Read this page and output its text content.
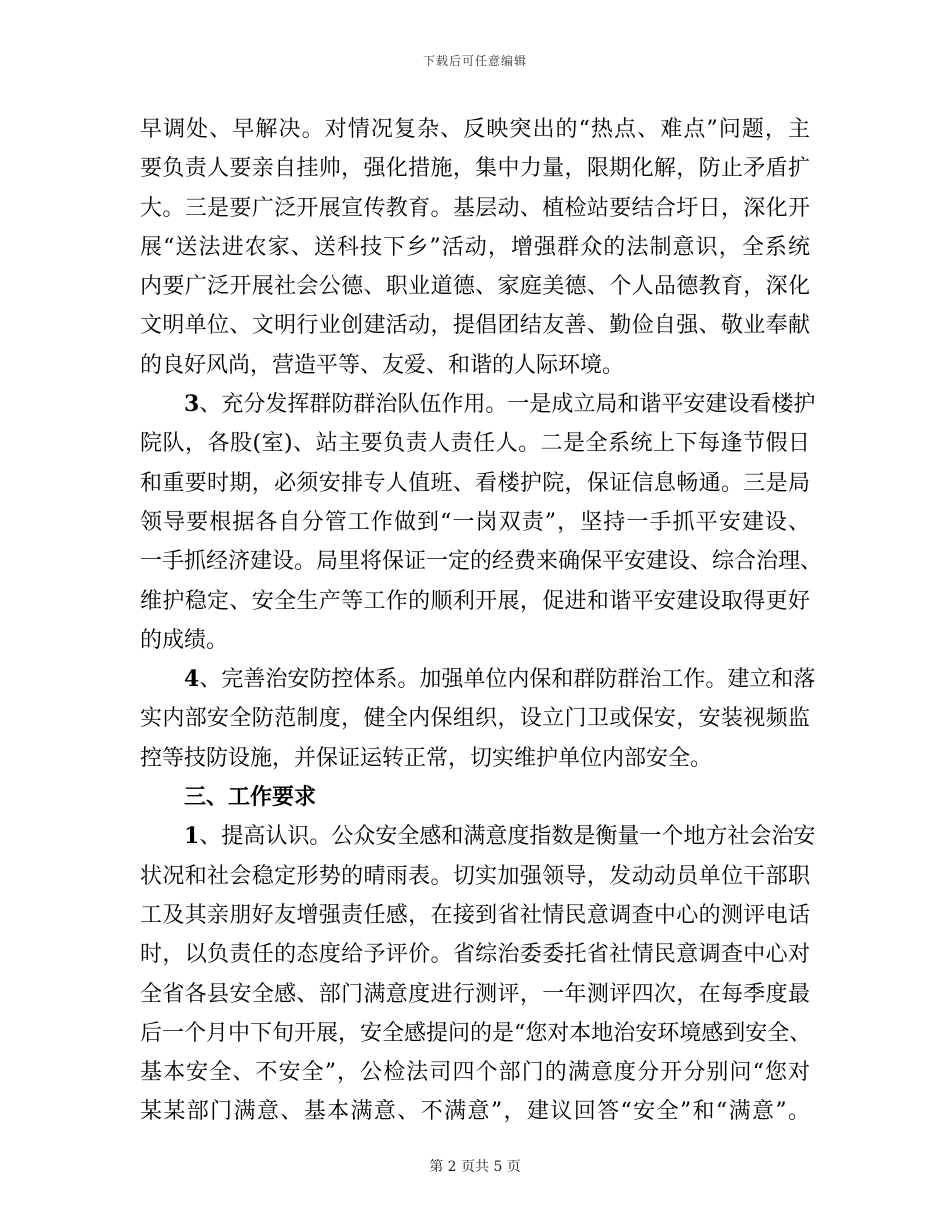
下载后可任意编辑
早调处、早解决。对情况复杂、反映突出的“热点、难点”问题，主
要负责人要亲自挂帅，强化措施，集中力量，限期化解，防止矛盾扩
大。三是要广泛开展宣传教育。基层动、植检站要结合圩日，深化开
展“送法进农家、送科技下乡”活动，增强群众的法制意识，全系统
内要广泛开展社会公德、职业道德、家庭美德、个人品德教育，深化
文明单位、文明行业创建活动，提倡团结友善、勤俭自强、敬业奉献
的良好风尚，营造平等、友爱、和谐的人际环境。
3、充分发挥群防群治队伍作用。一是成立局和谐平安建设看楼护
院队，各股(室)、站主要负责人责任人。二是全系统上下每逢节假日
和重要时期，必须安排专人值班、看楼护院，保证信息畅通。三是局
领导要根据各自分管工作做到“一岗双责”，坚持一手抓平安建设、
一手抓经济建设。局里将保证一定的经费来确保平安建设、综合治理、
维护稳定、安全生产等工作的顺利开展，促进和谐平安建设取得更好
的成绩。
4、完善治安防控体系。加强单位内保和群防群治工作。建立和落
实内部安全防范制度，健全内保组织，设立门卫或保安，安装视频监
控等技防设施，并保证运转正常，切实维护单位内部安全。
三、工作要求
1、提高认识。公众安全感和满意度指数是衡量一个地方社会治安
状况和社会稳定形势的晴雨表。切实加强领导，发动动员单位干部职
工及其亲朋好友增强责任感，在接到省社情民意调查中心的测评电话
时，以负责任的态度给予评价。省综治委委托省社情民意调查中心对
全省各县安全感、部门满意度进行测评，一年测评四次，在每季度最
后一个月中下旬开展，安全感提问的是“您对本地治安环境感到安全、
基本安全、不安全”，公检法司四个部门的满意度分开分别问“您对
某某部门满意、基本满意、不满意”，建议回答“安全”和“满意”。
第 2 页共 5 页
